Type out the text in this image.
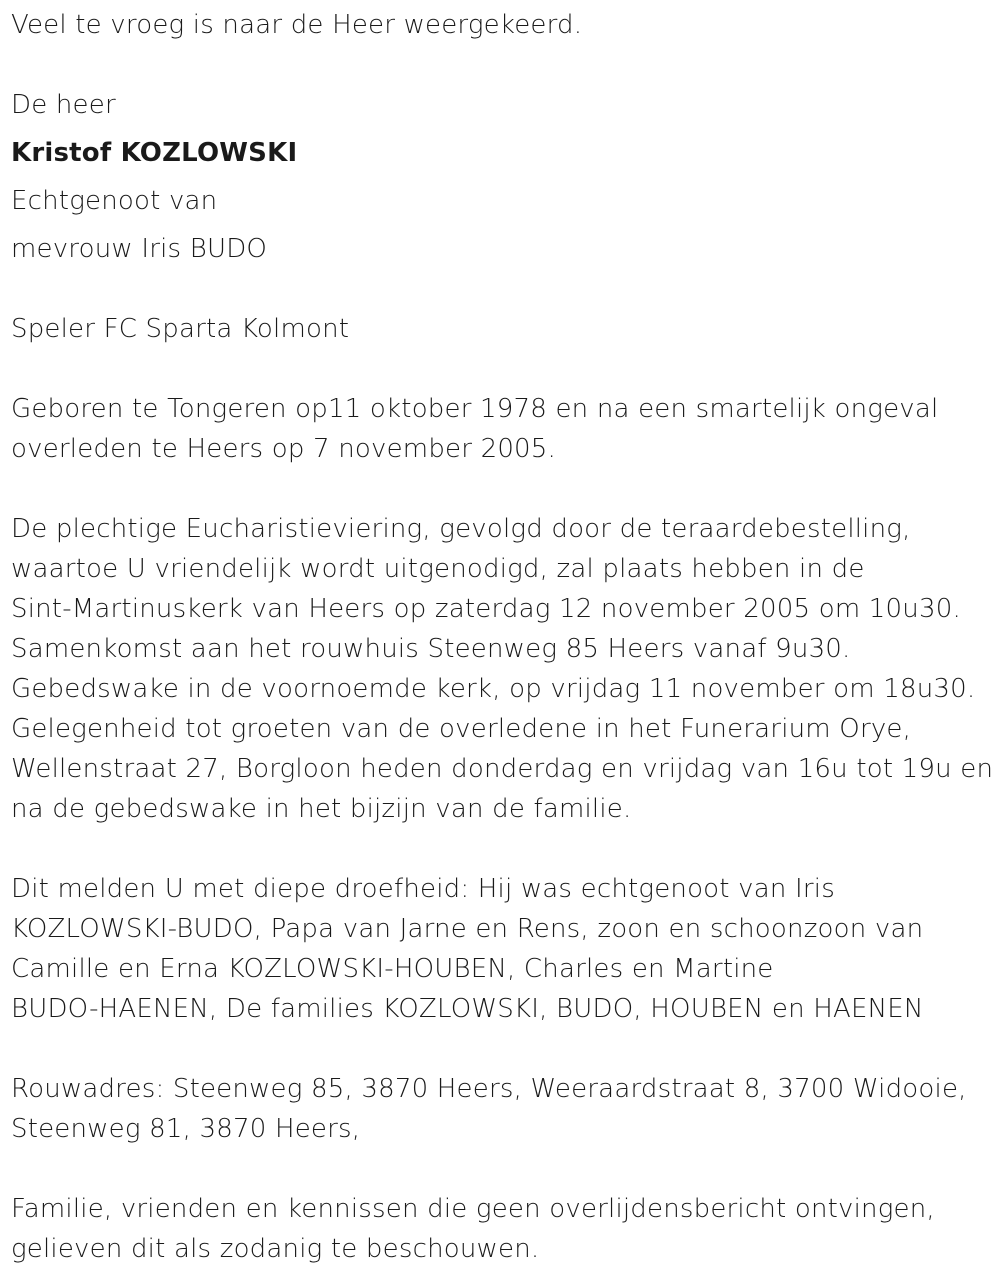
Veel te vroeg is naar de Heer weergekeerd.
De heer
Kristof KOZLOWSKI
Echtgenoot van
mevrouw Iris BUDO
Speler FC Sparta Kolmont
Geboren te Tongeren op11 oktober 1978 en na een smartelijk ongeval
overleden te Heers op 7 november 2005.
De plechtige Eucharistieviering, gevolgd door de teraardebestelling,
waartoe U vriendelijk wordt uitgenodigd, zal plaats hebben in de
Sint-Martinuskerk van Heers op zaterdag 12 november 2005 om 10u30.
Samenkomst aan het rouwhuis Steenweg 85 Heers vanaf 9u30.
Gebedswake in de voornoemde kerk, op vrijdag 11 november om 18u30.
Gelegenheid tot groeten van de overledene in het Funerarium Orye,
Wellenstraat 27, Borgloon heden donderdag en vrijdag van 16u tot 19u en
na de gebedswake in het bijzijn van de familie.
Dit melden U met diepe droefheid: Hij was echtgenoot van Iris
KOZLOWSKI-BUDO, Papa van Jarne en Rens, zoon en schoonzoon van
Camille en Erna KOZLOWSKI-HOUBEN, Charles en Martine
BUDO-HAENEN, De families KOZLOWSKI, BUDO, HOUBEN en HAENEN
Rouwadres: Steenweg 85, 3870 Heers, Weeraardstraat 8, 3700 Widooie,
Steenweg 81, 3870 Heers,
Familie, vrienden en kennissen die geen overlijdensbericht ontvingen,
gelieven dit als zodanig te beschouwen.
